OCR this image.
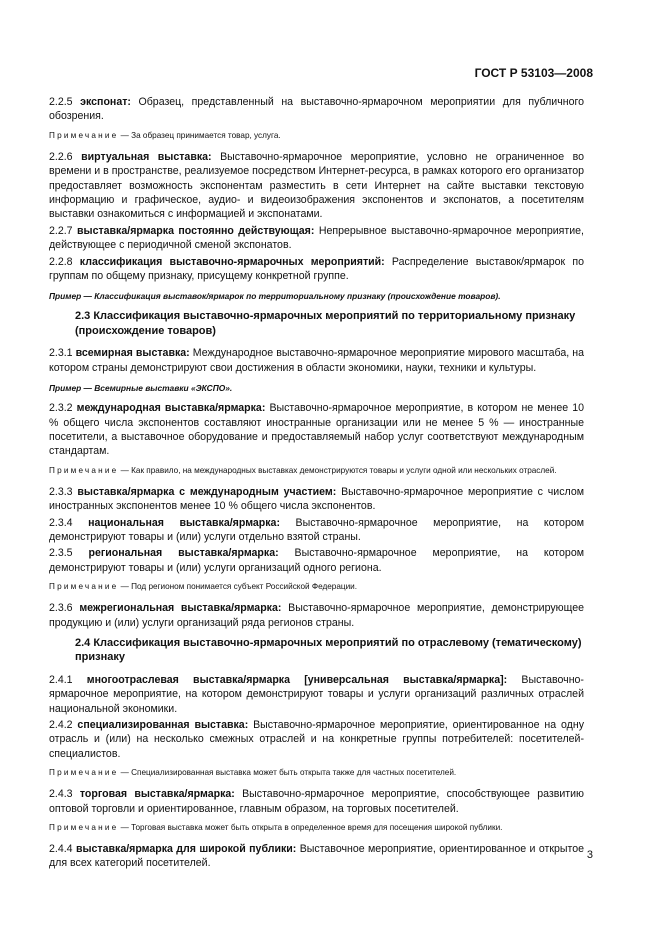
ГОСТ Р 53103—2008

2.2.5 экспонат: Образец, представленный на выставочно-ярмарочном мероприятии для публичного обозрения.

Примечание — За образец принимается товар, услуга.

2.2.6 виртуальная выставка: Выставочно-ярмарочное мероприятие, условно не ограниченное во времени и в пространстве, реализуемое посредством Интернет-ресурса, в рамках которого его организатор предоставляет возможность экспонентам разместить в сети Интернет на сайте выставки текстовую информацию и графическое, аудио- и видеоизображения экспонентов и экспонатов, а посетителям выставки ознакомиться с информацией и экспонатами.

2.2.7 выставка/ярмарка постоянно действующая: Непрерывное выставочно-ярмарочное мероприятие, действующее с периодичной сменой экспонатов.

2.2.8 классификация выставочно-ярмарочных мероприятий: Распределение выставок/ярмарок по группам по общему признаку, присущему конкретной группе.

Пример — Классификация выставок/ярмарок по территориальному признаку (происхождение товаров).

2.3 Классификация выставочно-ярмарочных мероприятий по территориальному признаку (происхождение товаров)

2.3.1 всемирная выставка: Международное выставочно-ярмарочное мероприятие мирового масштаба, на котором страны демонстрируют свои достижения в области экономики, науки, техники и культуры.

Пример — Всемирные выставки «ЭКСПО».

2.3.2 международная выставка/ярмарка: Выставочно-ярмарочное мероприятие, в котором не менее 10 % общего числа экспонентов составляют иностранные организации или не менее 5 % — иностранные посетители, а выставочное оборудование и предоставляемый набор услуг соответствуют международным стандартам.

Примечание — Как правило, на международных выставках демонстрируются товары и услуги одной или нескольких отраслей.

2.3.3 выставка/ярмарка с международным участием: Выставочно-ярмарочное мероприятие с числом иностранных экспонентов менее 10 % общего числа экспонентов.

2.3.4 национальная выставка/ярмарка: Выставочно-ярмарочное мероприятие, на котором демонстрируют товары и (или) услуги отдельно взятой страны.

2.3.5 региональная выставка/ярмарка: Выставочно-ярмарочное мероприятие, на котором демонстрируют товары и (или) услуги организаций одного региона.

Примечание — Под регионом понимается субъект Российской Федерации.

2.3.6 межрегиональная выставка/ярмарка: Выставочно-ярмарочное мероприятие, демонстрирующее продукцию и (или) услуги организаций ряда регионов страны.

2.4 Классификация выставочно-ярмарочных мероприятий по отраслевому (тематическому) признаку

2.4.1 многоотраслевая выставка/ярмарка [универсальная выставка/ярмарка]: Выставочно-ярмарочное мероприятие, на котором демонстрируют товары и услуги организаций различных отраслей национальной экономики.

2.4.2 специализированная выставка: Выставочно-ярмарочное мероприятие, ориентированное на одну отрасль и (или) на несколько смежных отраслей и на конкретные группы потребителей: посетителей-специалистов.

Примечание — Специализированная выставка может быть открыта также для частных посетителей.

2.4.3 торговая выставка/ярмарка: Выставочно-ярмарочное мероприятие, способствующее развитию оптовой торговли и ориентированное, главным образом, на торговых посетителей.

Примечание — Торговая выставка может быть открыта в определенное время для посещения широкой публики.

2.4.4 выставка/ярмарка для широкой публики: Выставочное мероприятие, ориентированное и открытое для всех категорий посетителей.

3
